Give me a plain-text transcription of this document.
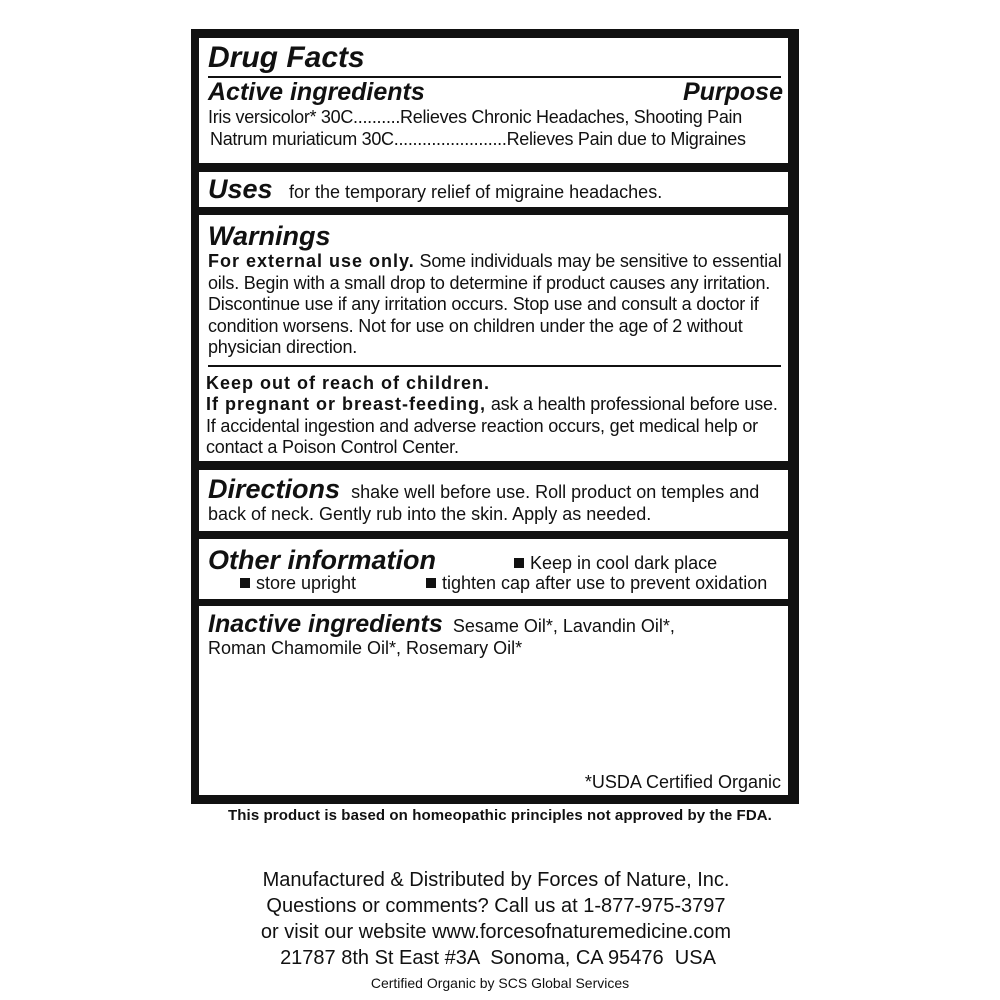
Drug Facts
Active ingredients	Purpose
Iris versicolor* 30C..........Relieves Chronic Headaches, Shooting Pain
Natrum muriaticum 30C........................Relieves Pain due to Migraines
Uses for the temporary relief of migraine headaches.
Warnings
For external use only. Some individuals may be sensitive to essential oils. Begin with a small drop to determine if product causes any irritation. Discontinue use if any irritation occurs. Stop use and consult a doctor if condition worsens. Not for use on children under the age of 2 without physician direction.
Keep out of reach of children.
If pregnant or breast-feeding, ask a health professional before use. If accidental ingestion and adverse reaction occurs, get medical help or contact a Poison Control Center.
Directions shake well before use. Roll product on temples and back of neck. Gently rub into the skin. Apply as needed.
Other information	Keep in cool dark place
store upright	tighten cap after use to prevent oxidation
Inactive ingredients Sesame Oil*, Lavandin Oil*, Roman Chamomile Oil*, Rosemary Oil*
*USDA Certified Organic
This product is based on homeopathic principles not approved by the FDA.
Manufactured & Distributed by Forces of Nature, Inc.
Questions or comments? Call us at 1-877-975-3797
or visit our website www.forcesofnaturemedicine.com
21787 8th St East #3A  Sonoma, CA 95476  USA
Certified Organic by SCS Global Services
